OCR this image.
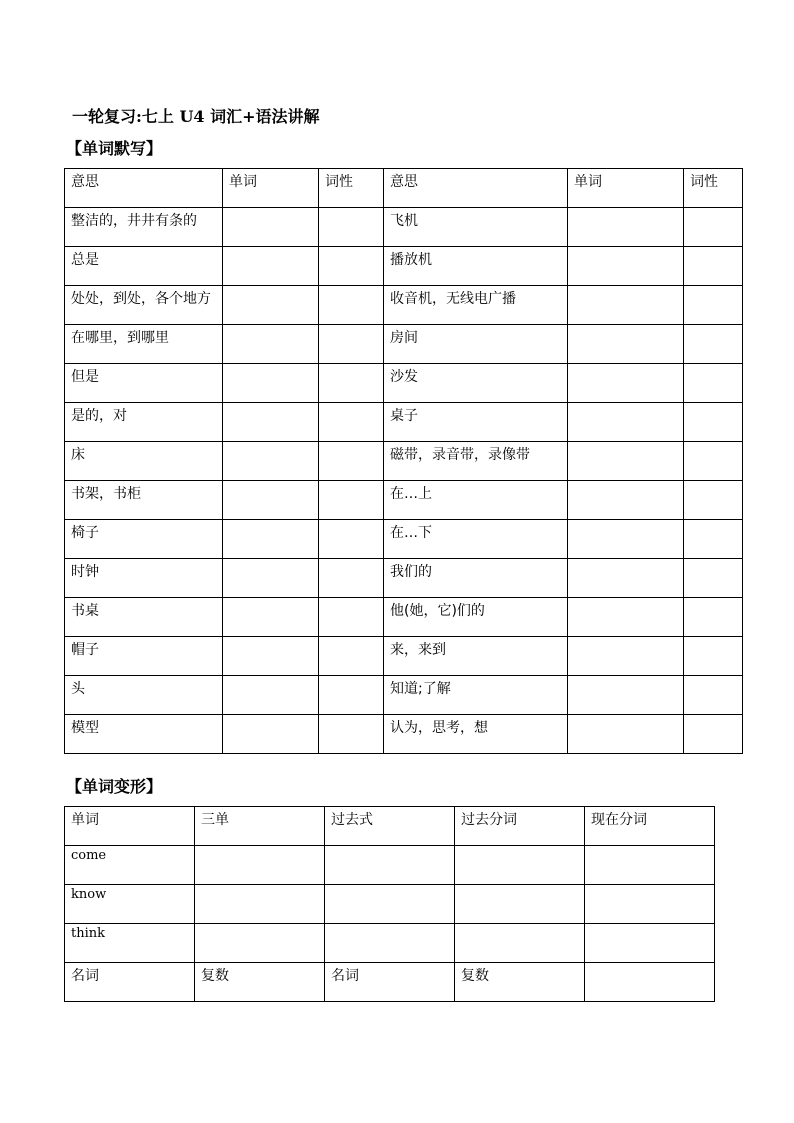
一轮复习:七上 U4 词汇+语法讲解
【单词默写】
意思	单词	词性	意思	单词	词性
整洁的，井井有条的			飞机		
总是			播放机		
处处，到处，各个地方			收音机，无线电广播		
在哪里，到哪里			房间		
但是			沙发		
是的，对			桌子		
床			磁带，录音带，录像带		
书架，书柜			在…上		
椅子			在…下		
时钟			我们的		
书桌			他(她，它)们的		
帽子			来，来到		
头			知道;了解		
模型			认为，思考，想		
【单词变形】
单词	三单	过去式	过去分词	现在分词
come				
know				
think				
名词	复数	名词	复数	
